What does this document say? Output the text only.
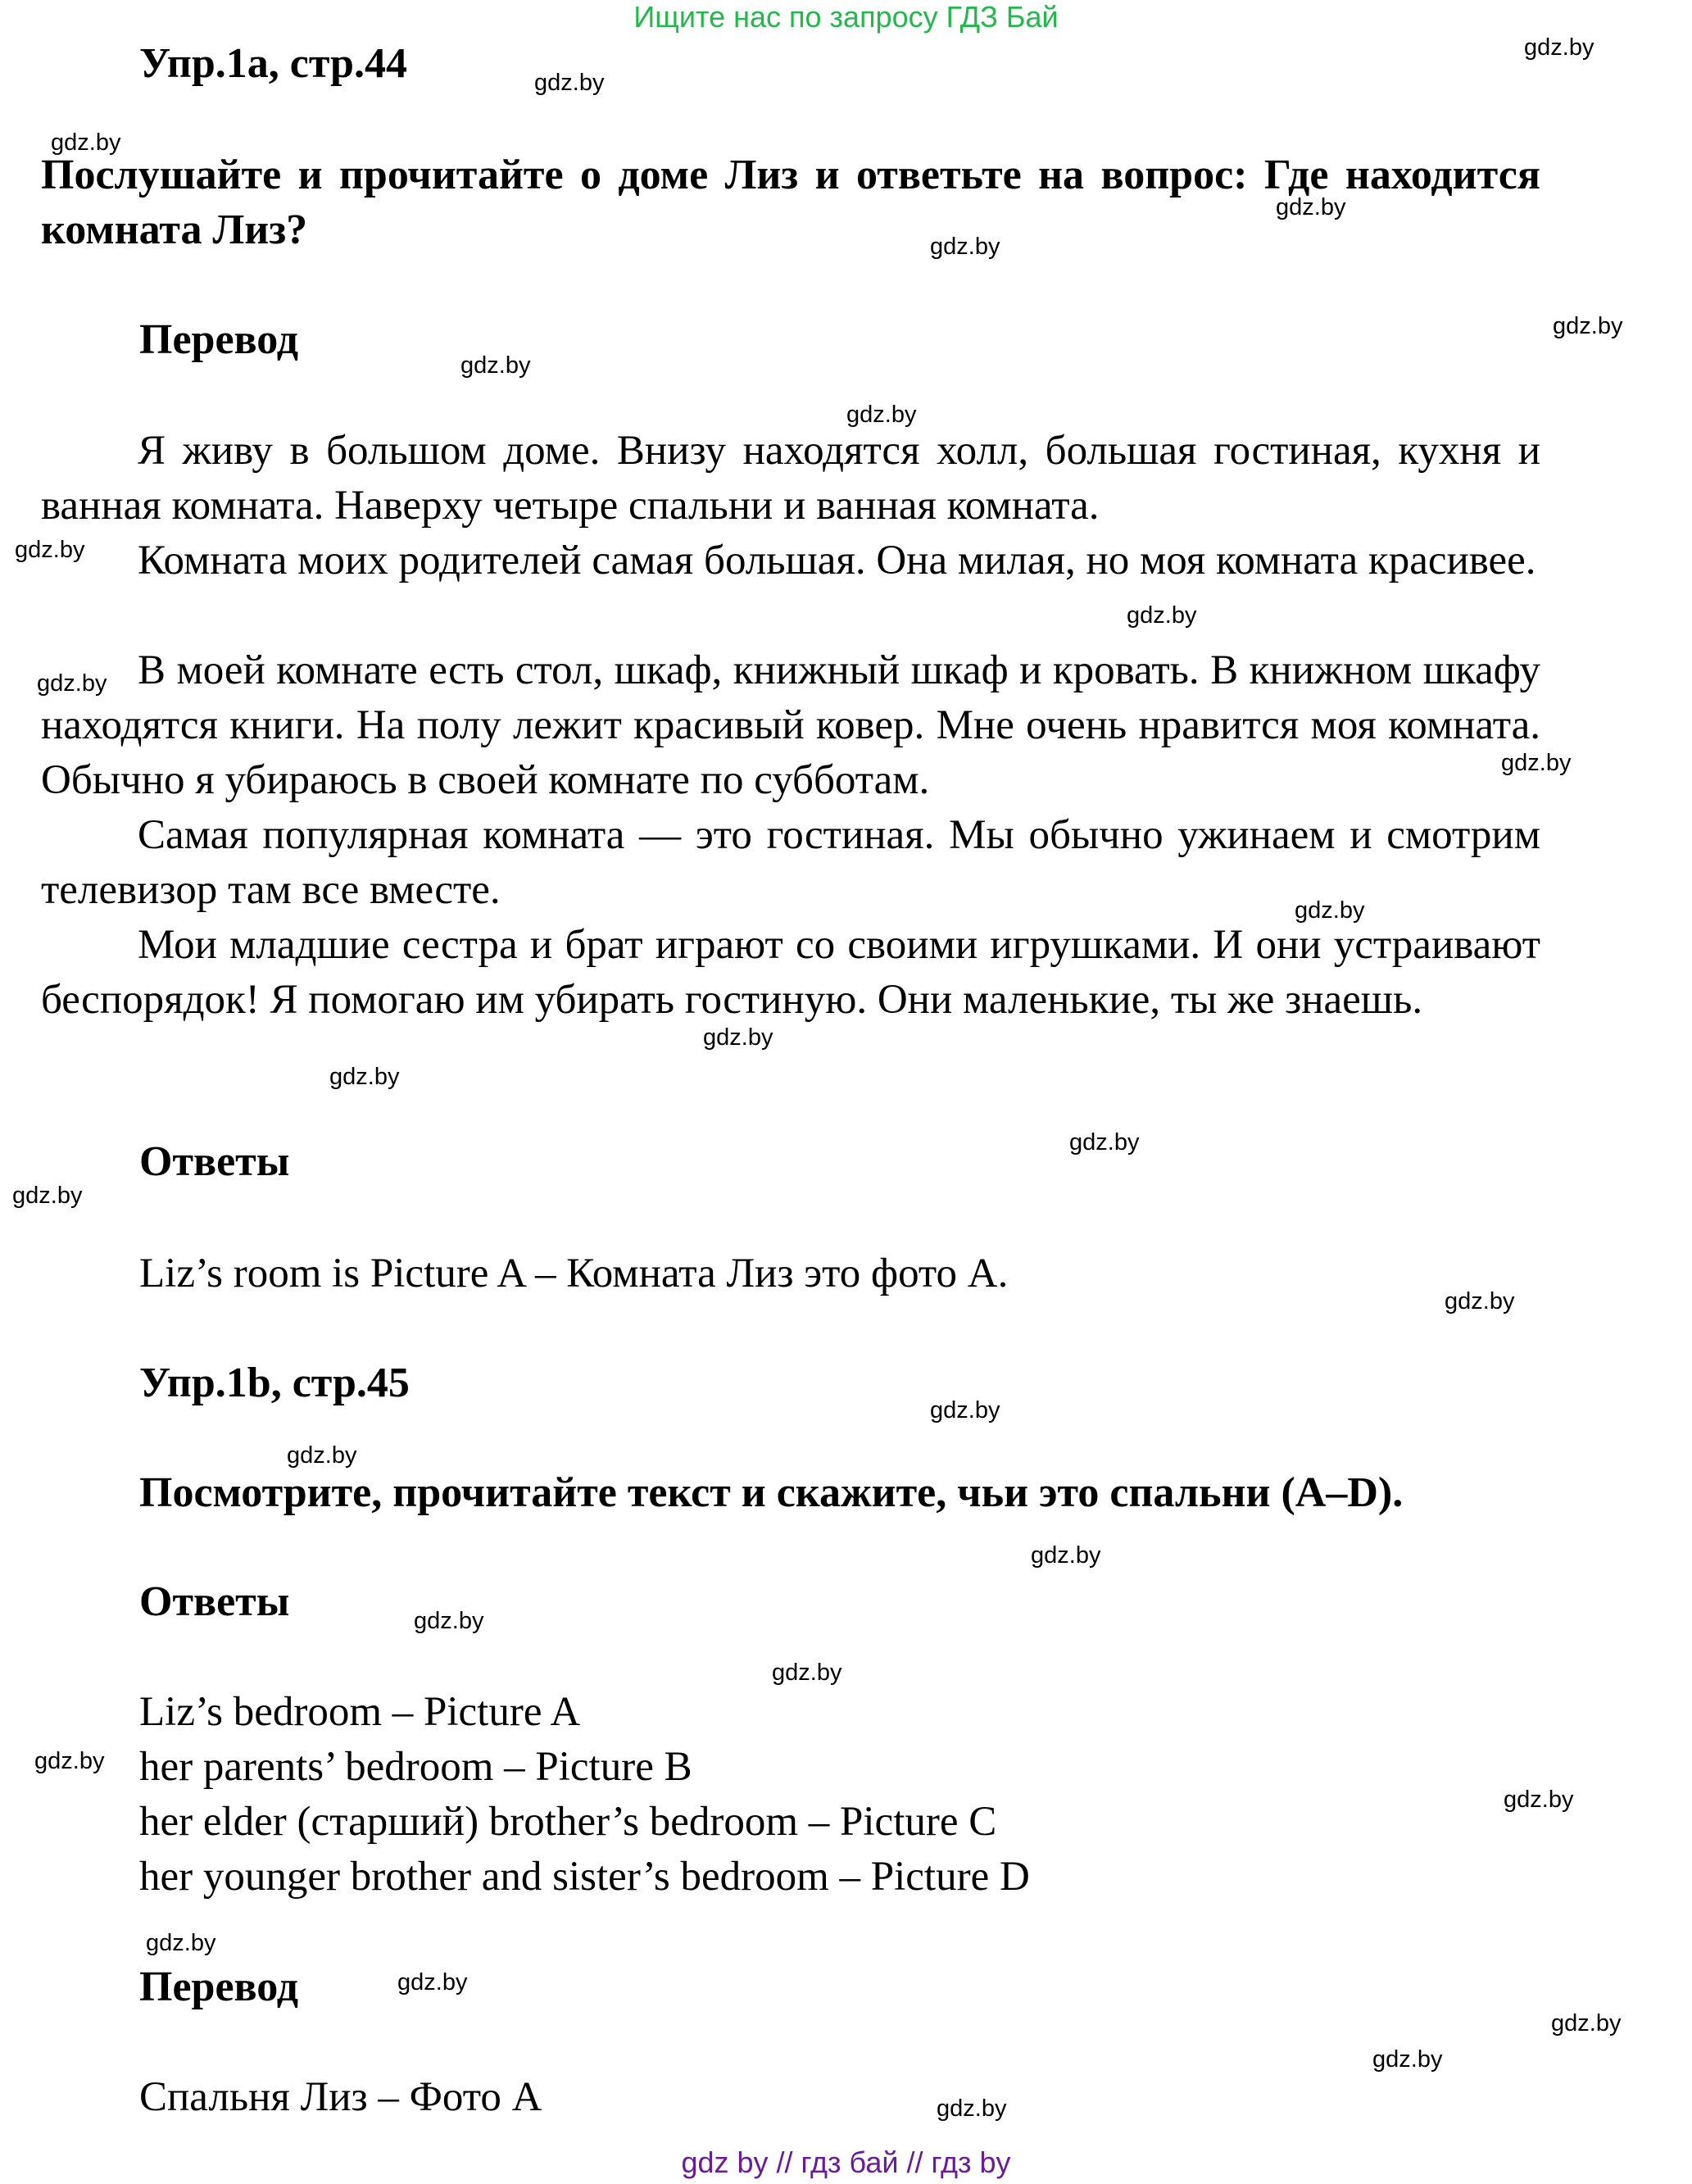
Ищите нас по запросу ГДЗ Бай
Упр.1a, стр.44
Послушайте и прочитайте о доме Лиз и ответьте на вопрос: Где находится комната Лиз?
Перевод
Я живу в большом доме. Внизу находятся холл, большая гостиная, кухня и ванная комната. Наверху четыре спальни и ванная комната.
Комната моих родителей самая большая. Она милая, но моя комната красивее.
В моей комнате есть стол, шкаф, книжный шкаф и кровать. В книжном шкафу находятся книги. На полу лежит красивый ковер. Мне очень нравится моя комната. Обычно я убираюсь в своей комнате по субботам.
Самая популярная комната — это гостиная. Мы обычно ужинаем и смотрим телевизор там все вместе.
Мои младшие сестра и брат играют со своими игрушками. И они устраивают беспорядок! Я помогаю им убирать гостиную. Они маленькие, ты же знаешь.
Ответы
Liz’s room is Picture A – Комната Лиз это фото A.
Упр.1b, стр.45
Посмотрите, прочитайте текст и скажите, чьи это спальни (A–D).
Ответы
Liz’s bedroom – Picture A
her parents’ bedroom – Picture B
her elder (старший) brother’s bedroom – Picture C
her younger brother and sister’s bedroom – Picture D
Перевод
Спальня Лиз – Фото A
gdz.by
gdz.by
gdz.by
gdz.by
gdz.by
gdz.by
gdz.by
gdz.by
gdz.by
gdz.by
gdz.by
gdz.by
gdz.by
gdz.by
gdz.by
gdz.by
gdz.by
gdz.by
gdz.by
gdz.by
gdz.by
gdz.by
gdz.by
gdz.by
gdz.by
gdz.by
gdz.by
gdz.by
gdz.by
gdz.by
gdz by // гдз бай // гдз by
